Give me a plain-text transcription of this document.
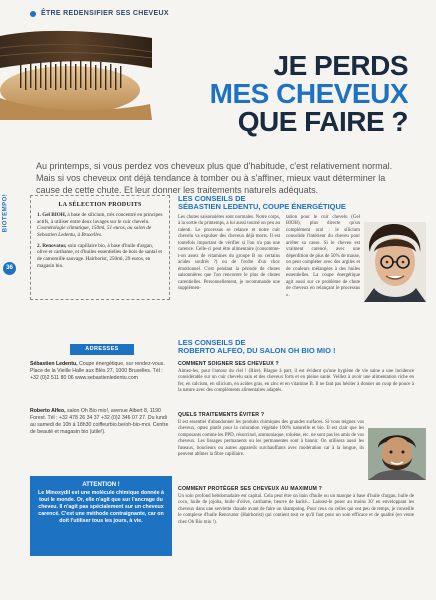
BIOTEMPO!
36
ÊTRE REDENSIFIER SES CHEVEUX
JE PERDS
MES CHEVEUX
QUE FAIRE ?
Au printemps, si vous perdez vos cheveux plus que d'habitude, c'est relativement normal. Mais si vos cheveux ont déjà tendance à tomber ou à s'affiner, mieux vaut déterminer la cause de cette chute. Et leur donner les traitements naturels adéquats.
LA SÉLECTION PRODUITS
1. Gel BIOH, à base de silicium, très concentré en principes actifs, à utiliser entre deux lavages sur le cuir chevelu. Cosmétologie climatique, 150ml, 51 euros, au salon de Sebastien Ledentu, à Bruxelles.
2. Renovator, soin capillaire bio, à base d'huile d'argan, olive et carthame, et d'huiles essentielles de bois de santal et de camomille sauvage. Hairborist, 250ml, 29 euros, en magasin bio.
ADRESSES
Sébastien Ledentu, Coupe énergétique, sur rendez-vous. Place de la Vieille Halle aux Blés 27, 1000 Bruxelles. Tél : +32 (0)2 511 80 06 www.sebastienledentu.com
Roberto Alfeo, salon Oh Bio mio!, avenue Albert 8, 1190 Forest. Tél : +32 478 26 34 37 +32 (0)2 346 07 27. Du lundi au samedi de 10h à 18h30 coiffeurbio.be/oh-bio-moi. Centre de beauté et magasin bio (utile!).
ATTENTION !
Le Minoxydil est une molécule chimique donnée à tout le monde. Or, elle n'agit que sur l'ancrage du cheveu. Il n'agit pas spécialement sur un cheveux carencé. C'est une méthode contraignante, car on doit l'utiliser tous les jours, à vie.
LES CONSEILS DE
SÉBASTIEN LEDENTU, COUPE ÉNERGÉTIQUE
Les chutes saisonnières sont normales. Notre corps, à la sortie du printemps, a lui aussi tourné un peu au ralenti. Le processus se relance et notre cuir chevelu va expulser des cheveux déjà morts. Il est toutefois important de vérifier si l'on n'a pas une carence. Celle-ci peut être alimentaire (consomme-t-on assez de vitamines du groupe B ou certains acides soufrés ?) ou de l'ordre d'un choc émotionnel. C'est pendant la période de chutes saisonnières que l'on rencontre le plus de chutes carentielles. Personnellement, je recommande une supplémen-
tation pour le cuir chevelu (Gel BIOH), plus directe qu'un complément oral : le silicium consolide l'intérieur du cheveu pour arrêter sa casse. Si le cheveu est vraiment carencé, avec une déperdition de plus de 50% de masse, on peut compléter avec des argiles et de couleurs mélangées à des huiles essentielles. La coupe énergétique agit aussi sur ce problème de chute de cheveux en relançant le processus ».
LES CONSEILS DE
ROBERTO ALFEO, DU SALON OH BIO MIO !
COMMENT SOIGNER SES CHEVEUX ?
Aimez-les, pour l'amour du ciel ! (Rire). Blague à part, il est évident qu'une hygiène de vie saine a une incidence considérable sur un cuir chevelu sain et des cheveux forts et en pleine santé. Veillez à avoir une alimentation riche en fer, en calcium, en silicium, en acides gras, en zinc et en vitamine B. Il ne faut pas hésiter à donner un coup de pouce à la nature avec des compléments alimentaires adaptés.
QUELS TRAITEMENTS ÉVITER ?
Il est essentiel d'abandonner les produits chimiques des grandes surfaces. Si vous teignez vos cheveux, optez plutôt pour la coloration végétale 100% naturelle et bio. Il est clair que les composants comme les PPD, résorcinol, ammoniaque, toluène, etc. ne sont pas les amis de vos cheveux. Les lissages permanents ou les permanentes sont à bannir. On utilisera aussi les fuseaux, boucleurs ou autres appareils surchauffants avec modération car à la longue, ils peuvent abîmer la fibre capillaire.
COMMENT PROTÉGER SES CHEVEUX AU MAXIMUM ?
Un soin profond hebdomadaire est capital. Cela peut être un bain d'huile ou un masque à base d'huile d'argan, huile de coco, huile de jojoba, huile d'olive, carthame, beurre de karité... Laissez-le poser au moins 30' en enveloppant les cheveux dans une serviette chaude avant de faire un shampoing. Pour ceux ou celles qui ont peu de temps, je conseille le complexe d'huile Renovator (Hairborist) qui contient tout ce qu'il faut pour un soin efficace et de qualité (en vente chez Oh Bio mio !).
